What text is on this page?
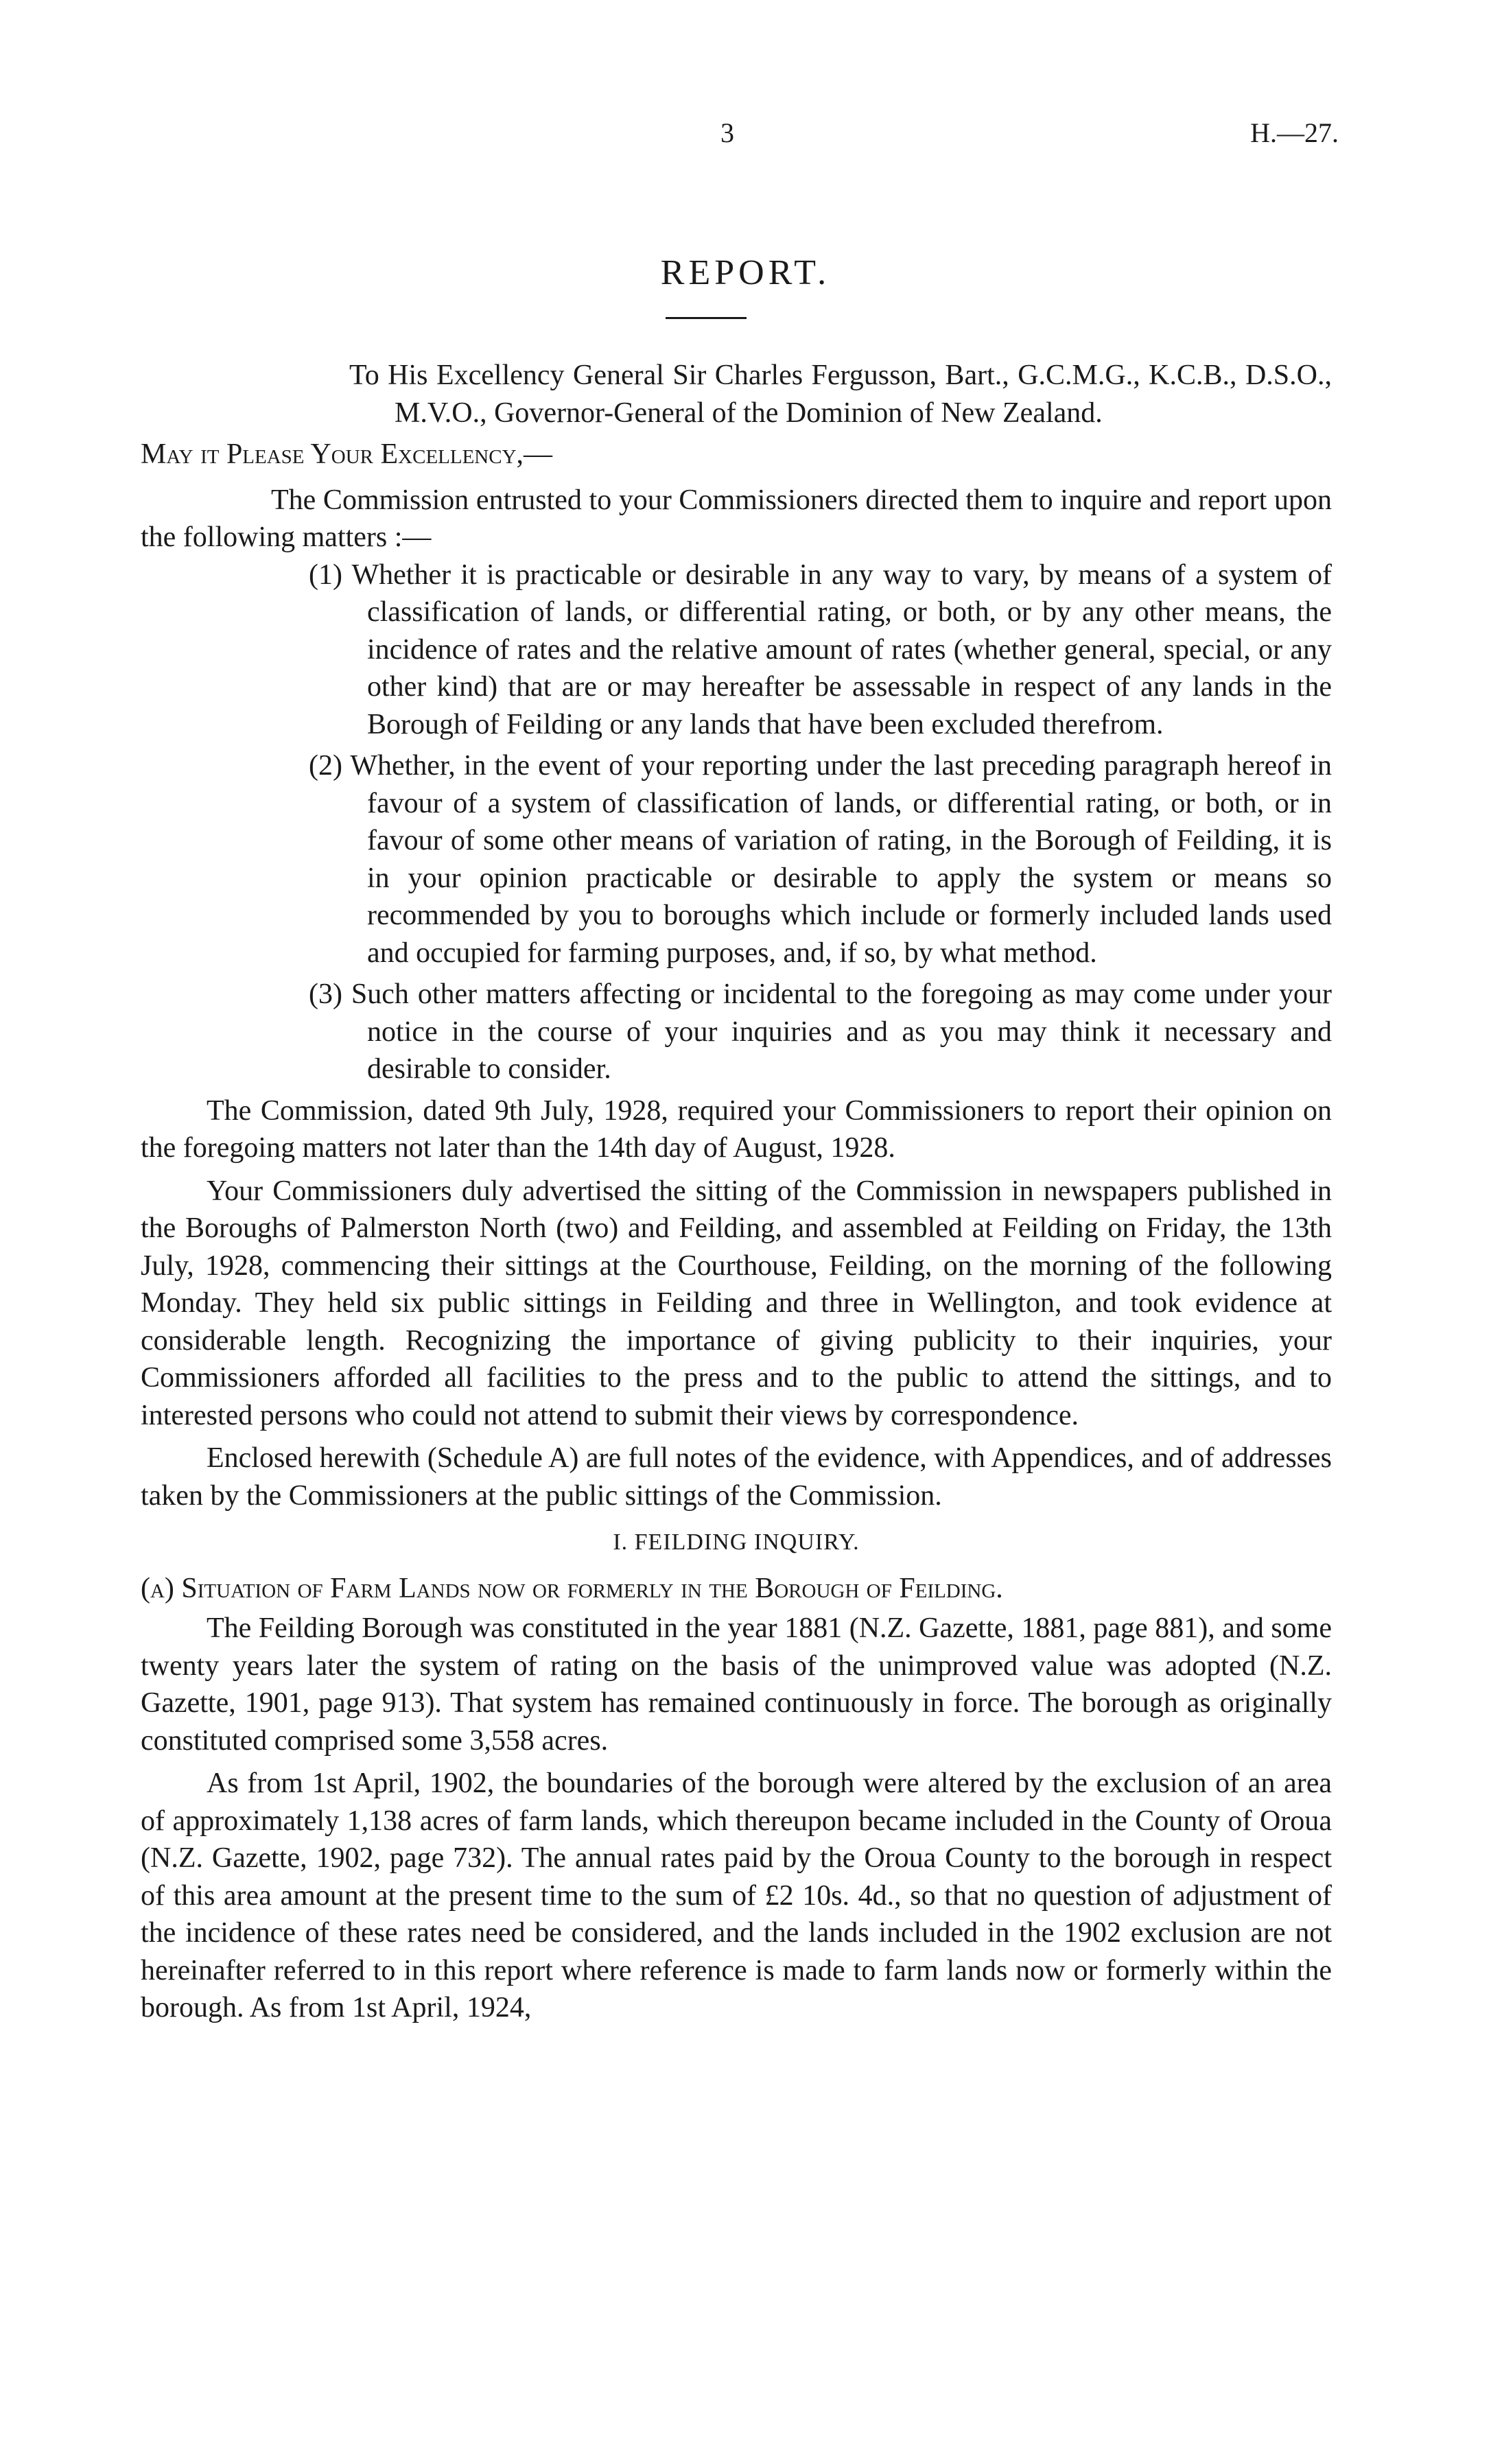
3	H.—27.
REPORT.

To His Excellency General Sir Charles Fergusson, Bart., G.C.M.G., K.C.B., D.S.O., M.V.O., Governor-General of the Dominion of New Zealand.

May it Please Your Excellency,—

The Commission entrusted to your Commissioners directed them to inquire and report upon the following matters :—

(1) Whether it is practicable or desirable in any way to vary, by means of a system of classification of lands, or differential rating, or both, or by any other means, the incidence of rates and the relative amount of rates (whether general, special, or any other kind) that are or may hereafter be assessable in respect of any lands in the Borough of Feilding or any lands that have been excluded therefrom.
(2) Whether, in the event of your reporting under the last preceding paragraph hereof in favour of a system of classification of lands, or differential rating, or both, or in favour of some other means of variation of rating, in the Borough of Feilding, it is in your opinion practicable or desirable to apply the system or means so recommended by you to boroughs which include or formerly included lands used and occupied for farming purposes, and, if so, by what method.
(3) Such other matters affecting or incidental to the foregoing as may come under your notice in the course of your inquiries and as you may think it necessary and desirable to consider.

The Commission, dated 9th July, 1928, required your Commissioners to report their opinion on the foregoing matters not later than the 14th day of August, 1928.

Your Commissioners duly advertised the sitting of the Commission in newspapers published in the Boroughs of Palmerston North (two) and Feilding, and assembled at Feilding on Friday, the 13th July, 1928, commencing their sittings at the Courthouse, Feilding, on the morning of the following Monday. They held six public sittings in Feilding and three in Wellington, and took evidence at considerable length. Recognizing the importance of giving publicity to their inquiries, your Commissioners afforded all facilities to the press and to the public to attend the sittings, and to interested persons who could not attend to submit their views by correspondence.

Enclosed herewith (Schedule A) are full notes of the evidence, with Appendices, and of addresses taken by the Commissioners at the public sittings of the Commission.

I. FEILDING INQUIRY.

(a) Situation of Farm Lands now or formerly in the Borough of Feilding.

The Feilding Borough was constituted in the year 1881 (N.Z. Gazette, 1881, page 881), and some twenty years later the system of rating on the basis of the unimproved value was adopted (N.Z. Gazette, 1901, page 913). That system has remained continuously in force. The borough as originally constituted comprised some 3,558 acres.

As from 1st April, 1902, the boundaries of the borough were altered by the exclusion of an area of approximately 1,138 acres of farm lands, which thereupon became included in the County of Oroua (N.Z. Gazette, 1902, page 732). The annual rates paid by the Oroua County to the borough in respect of this area amount at the present time to the sum of £2 10s. 4d., so that no question of adjustment of the incidence of these rates need be considered, and the lands included in the 1902 exclusion are not hereinafter referred to in this report where reference is made to farm lands now or formerly within the borough. As from 1st April, 1924,
